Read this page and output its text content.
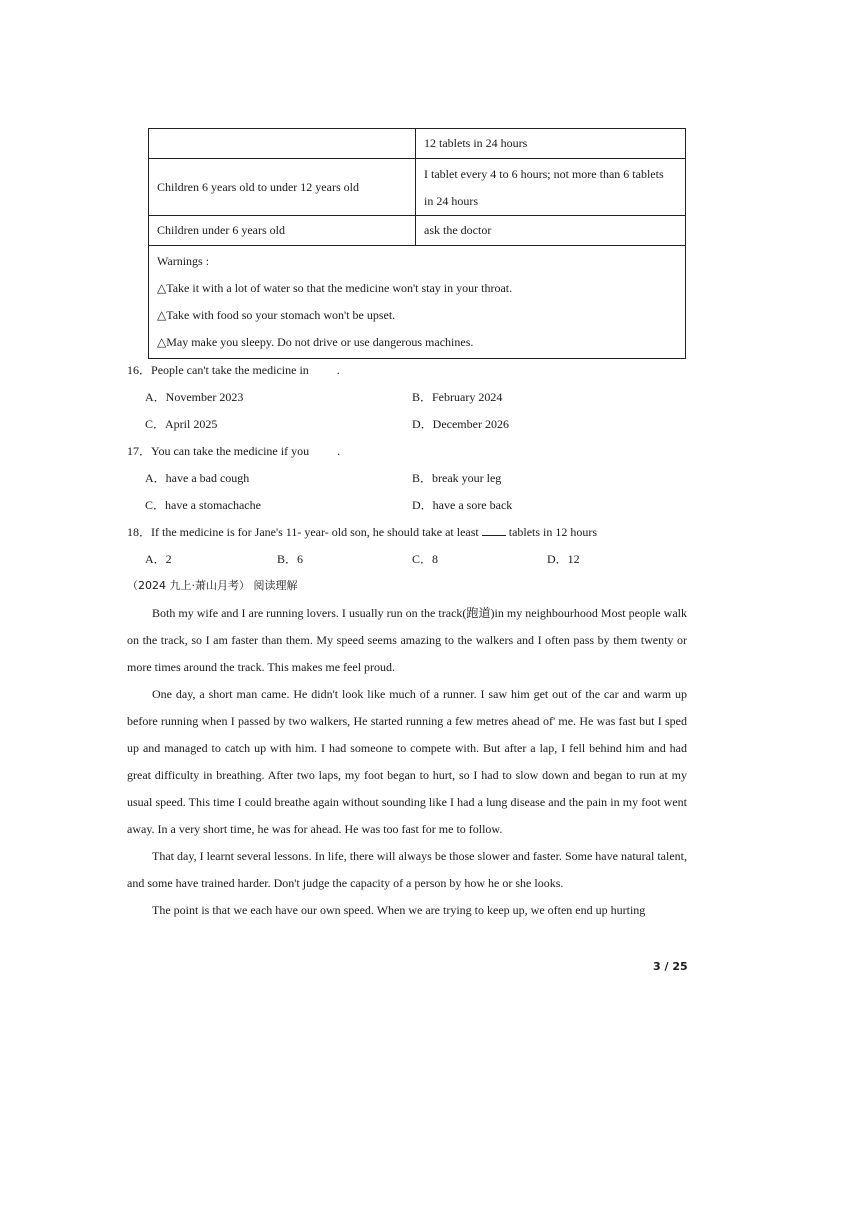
	12 tablets in 24 hours
Children 6 years old to under 12 years old	I tablet every 4 to 6 hours; not more than 6 tablets
in 24 hours

Children under 6 years old	ask the doctor

Warnings :
△Take it with a lot of water so that the medicine won't stay in your throat.
△Take with food so your stomach won't be upset.
△May make you sleepy. Do not drive or use dangerous machines.	
16．People can't take the medicine in .
A．November 2023	B．February 2024
C．April 2025	D．December 2026
17．You can take the medicine if you .
A．have a bad cough	B．break your leg
C．have a stomachache	D．have a sore back
18．If the medicine is for Jane's 11- year- old son, he should take at least	tablets in 12 hours
A．2	B．6	C．8	D．12
（2024 九上·萧山月考） 阅读理解

Both my wife and I are running lovers. I usually run on the track(跑道)in my neighbourhood Most people walk on the track, so I am faster than them. My speed seems amazing to the walkers and I often pass by them twenty or more times around the track. This makes me feel proud.

One day, a short man came. He didn't look like much of a runner. I saw him get out of the car and warm up before running when I passed by two walkers, He started running a few metres ahead of' me. He was fast but I sped up and managed to catch up with him. I had someone to compete with. But after a lap, I fell behind him and had great difficulty in breathing. After two laps, my foot began to hurt, so I had to slow down and began to run at my usual speed. This time I could breathe again without sounding like I had a lung disease and the pain in my foot went away. In a very short time, he was for ahead. He was too fast for me to follow.

That day, I learnt several lessons. In life, there will always be those slower and faster. Some have natural talent, and some have trained harder. Don't judge the capacity of a person by how he or she looks.

The point is that we each have our own speed. When we are trying to keep up, we often end up hurting

3 / 25
